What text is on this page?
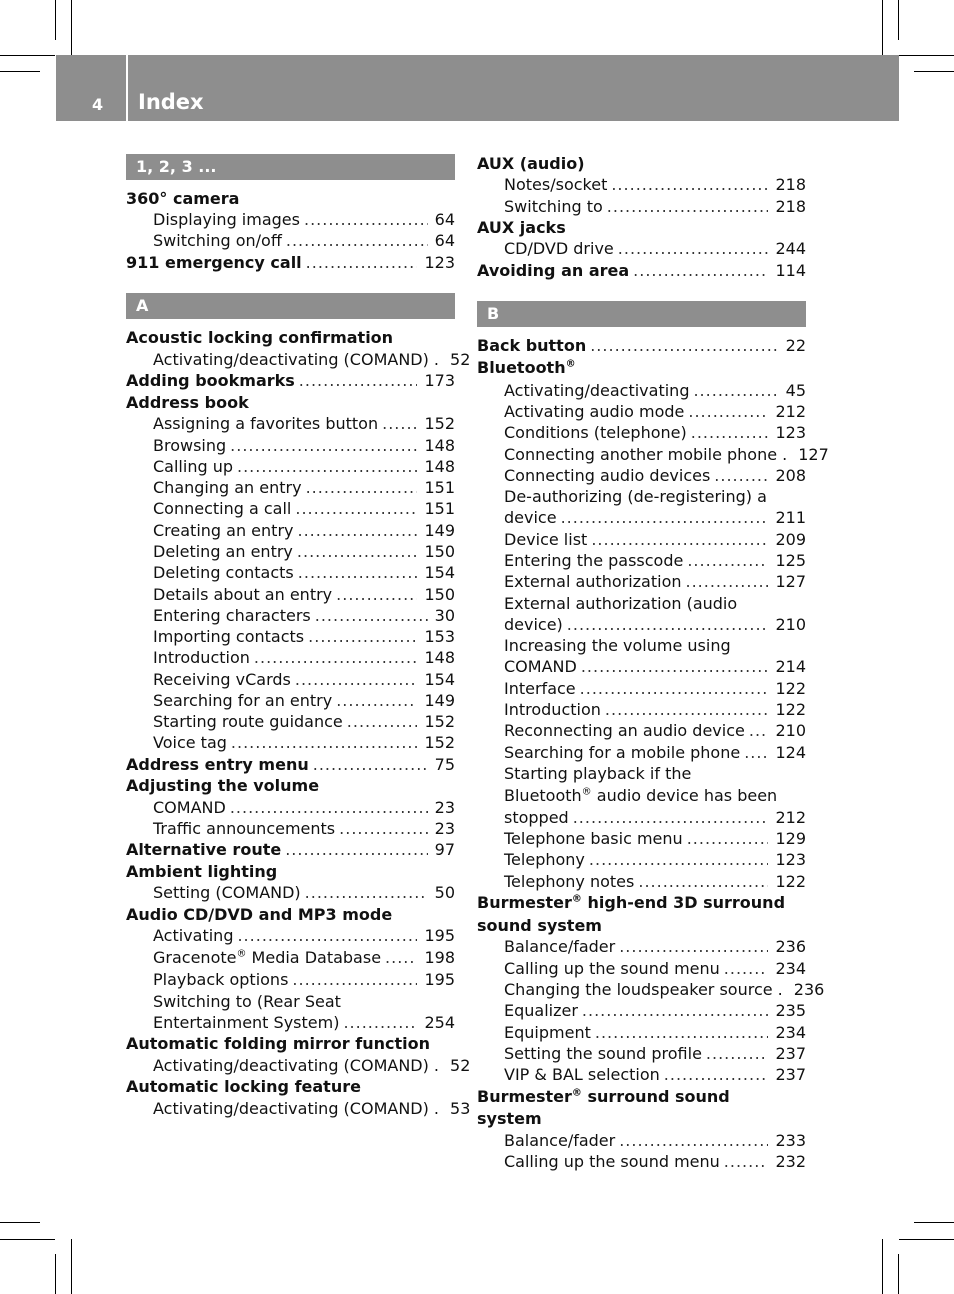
4 Index
1, 2, 3 ...
360° camera
Displaying images .....	64
Switching on/off .....	64
911 emergency call .....	123
A
Acoustic locking confirmation
Activating/deactivating (COMAND) . 52
Adding bookmarks .....	173
Address book
Assigning a favorites button .....	152
Browsing .....	148
Calling up .....	148
Changing an entry .....	151
Connecting a call .....	151
Creating an entry .....	149
Deleting an entry .....	150
Deleting contacts .....	154
Details about an entry .....	150
Entering characters .....	30
Importing contacts .....	153
Introduction .....	148
Receiving vCards .....	154
Searching for an entry .....	149
Starting route guidance .....	152
Voice tag .....	152
Address entry menu .....	75
Adjusting the volume
COMAND .....	23
Traffic announcements .....	23
Alternative route .....	97
Ambient lighting
Setting (COMAND) .....	50
Audio CD/DVD and MP3 mode
Activating .....	195
Gracenote® Media Database .....	198
Playback options .....	195
Switching to (Rear Seat
Entertainment System) .....	254
Automatic folding mirror function
Activating/deactivating (COMAND) . 52
Automatic locking feature
Activating/deactivating (COMAND) . 53
AUX (audio)
Notes/socket .....	218
Switching to .....	218
AUX jacks
CD/DVD drive .....	244
Avoiding an area .....	114
B
Back button .....	22
Bluetooth®
Activating/deactivating .....	45
Activating audio mode .....	212
Conditions (telephone) .....	123
Connecting another mobile phone . 127
Connecting audio devices .....	208
De-authorizing (de-registering) a
device .....	211
Device list .....	209
Entering the passcode .....	125
External authorization .....	127
External authorization (audio
device) .....	210
Increasing the volume using
COMAND .....	214
Interface .....	122
Introduction .....	122
Reconnecting an audio device ..... 210
Searching for a mobile phone ..... 124
Starting playback if the
Bluetooth® audio device has been
stopped .....	212
Telephone basic menu .....	129
Telephony .....	123
Telephony notes .....	122
Burmester® high-end 3D surround
sound system
Balance/fader .....	236
Calling up the sound menu .....	234
Changing the loudspeaker source . 236
Equalizer .....	235
Equipment .....	234
Setting the sound profile .....	237
VIP & BAL selection .....	237
Burmester® surround sound
system
Balance/fader .....	233
Calling up the sound menu .....	232
